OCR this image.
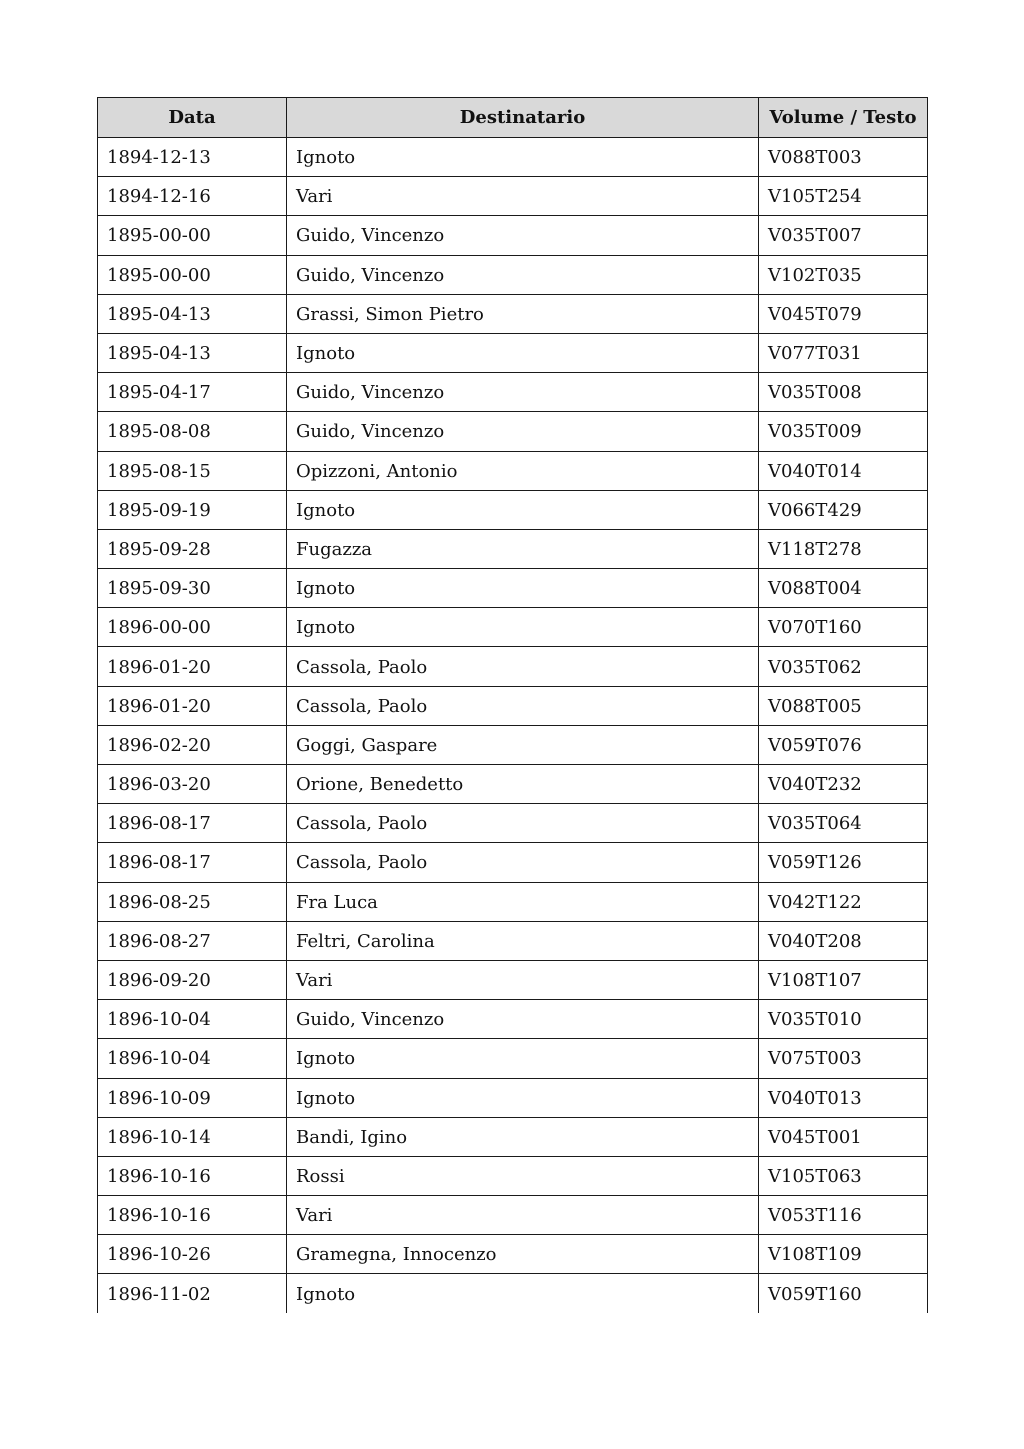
Data	Destinatario	Volume / Testo
1894-12-13	Ignoto	V088T003
1894-12-16	Vari	V105T254
1895-00-00	Guido, Vincenzo	V035T007
1895-00-00	Guido, Vincenzo	V102T035
1895-04-13	Grassi, Simon Pietro	V045T079
1895-04-13	Ignoto	V077T031
1895-04-17	Guido, Vincenzo	V035T008
1895-08-08	Guido, Vincenzo	V035T009
1895-08-15	Opizzoni, Antonio	V040T014
1895-09-19	Ignoto	V066T429
1895-09-28	Fugazza	V118T278
1895-09-30	Ignoto	V088T004
1896-00-00	Ignoto	V070T160
1896-01-20	Cassola, Paolo	V035T062
1896-01-20	Cassola, Paolo	V088T005
1896-02-20	Goggi, Gaspare	V059T076
1896-03-20	Orione, Benedetto	V040T232
1896-08-17	Cassola, Paolo	V035T064
1896-08-17	Cassola, Paolo	V059T126
1896-08-25	Fra Luca	V042T122
1896-08-27	Feltri, Carolina	V040T208
1896-09-20	Vari	V108T107
1896-10-04	Guido, Vincenzo	V035T010
1896-10-04	Ignoto	V075T003
1896-10-09	Ignoto	V040T013
1896-10-14	Bandi, Igino	V045T001
1896-10-16	Rossi	V105T063
1896-10-16	Vari	V053T116
1896-10-26	Gramegna, Innocenzo	V108T109
1896-11-02	Ignoto	V059T160
